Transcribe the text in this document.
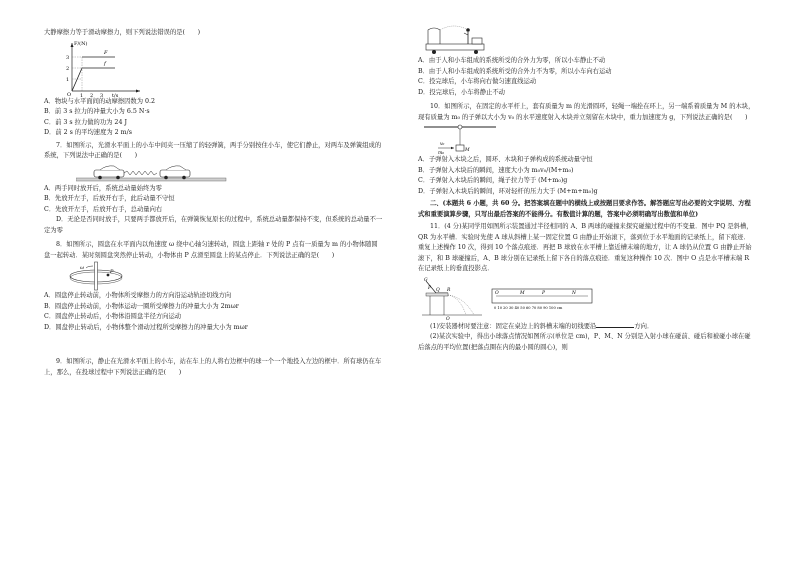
大静摩擦力等于滑动摩擦力，则下列说法错误的是(　　)

F/(N)
3
2
1
O 1 2 3 t/s
F
f

A．物块与水平面间的动摩擦因数为 0.2

B．前 3 s 拉力的冲量大小为 6.5 N·s

C．前 3 s 拉力做的功为 24 J

D．前 2 s 的平均速度为 2 m/s

7．如图所示，光滑水平面上的小车中间夹一压缩了的轻弹簧，两手分别按住小车，使它们静止，对两车及弹簧组成的系统，下列说法中正确的是(　　)

A．两手同时放开后，系统总动量始终为零

B．先放开左手，后放开右手，此后动量不守恒

C．先放开左手，后放开右手，总动量向右

D．无论是否同时放手，只要两手都放开后，在弹簧恢复原长的过程中，系统总动量都保持不变，但系统的总动量不一定为零

8．如图所示，圆盘在水平面内以角速度 ω 绕中心轴匀速转动，圆盘上距轴 r 处的 P 点有一质量为 m 的小物体随圆盘一起转动．某时刻圆盘突然停止转动，小物体由 P 点滑至圆盘上的某点停止．下列说法正确的是(　　)

ω
P

A．圆盘停止转动前，小物体所受摩擦力的方向沿运动轨迹切线方向

B．圆盘停止转动前，小物体运动一圈所受摩擦力的冲量大小为 2mωr

C．圆盘停止转动后，小物体沿圆盘半径方向运动

D．圆盘停止转动后，小物体整个滑动过程所受摩擦力的冲量大小为 mωr

9．如图所示，静止在光滑水平面上的小车，站在车上的人将右边框中的球一个一个地投入左边的框中．所有球仍在车上，那么，在投球过程中下列说法正确的是(　　)

A．由于人和小车组成的系统所受的合外力为零，所以小车静止不动

B．由于人和小车组成的系统所受的合外力不为零，所以小车向右运动

C．投完球后，小车将向右做匀速直线运动

D．投完球后，小车将静止不动

10．如图所示，在固定的水平杆上，套有质量为 m 的光滑圆环，轻绳一端拴在环上，另一端系着质量为 M 的木块，现有质量为 m₀ 的子弹以大小为 v₀ 的水平速度射入木块并立刻留在木块中，重力加速度为 g，下列说法正确的是(　　)

v₀
m₀
M

A．子弹射入木块之后，圆环、木块和子弹构成的系统动量守恒

B．子弹射入木块后的瞬间，速度大小为 m₀v₀/(M+m₀)

C．子弹射入木块后的瞬间，绳子拉力等于 (M+m₀)g

D．子弹射入木块后的瞬间，环对轻杆的压力大于 (M+m+m₀)g

二、(本题共 6 小题，共 60 分。把答案填在题中的横线上或按题目要求作答。解答题应写出必要的文字说明、方程式和重要演算步骤，只写出最后答案的不能得分。有数值计算的题，答案中必须明确写出数值和单位)

11．(4 分)某同学用如图所示装置通过半径相同的 A、B 两球的碰撞来探究碰撞过程中的不变量．图中 PQ 是斜槽，QR 为水平槽．实验时先使 A 球从斜槽上某一固定位置 G 由静止开始滚下，落到位于水平地面的记录纸上，留下痕迹．重复上述操作 10 次，得到 10 个落点痕迹．再把 B 球放在水平槽上靠近槽末端的地方，让 A 球仍从位置 G 由静止开始滚下，和 B 球碰撞后，A、B 球分别在记录纸上留下各自的落点痕迹．重复这种操作 10 次．图中 O 点是水平槽末端 R 在记录纸上的垂直投影点．

G
P Q R
O
O	M	P	N
0 10 20 30 40 50 60 70 80 90 100 cm

(1)安装器材时要注意：固定在桌边上的斜槽末端的切线要沿	方向．

(2)某次实验中，得出小球落点情况如图所示(单位是 cm)，P、M、N 分别是入射小球在碰前、碰后和被碰小球在碰后落点的平均位置(把落点圈在内的最小圆的圆心)，则
